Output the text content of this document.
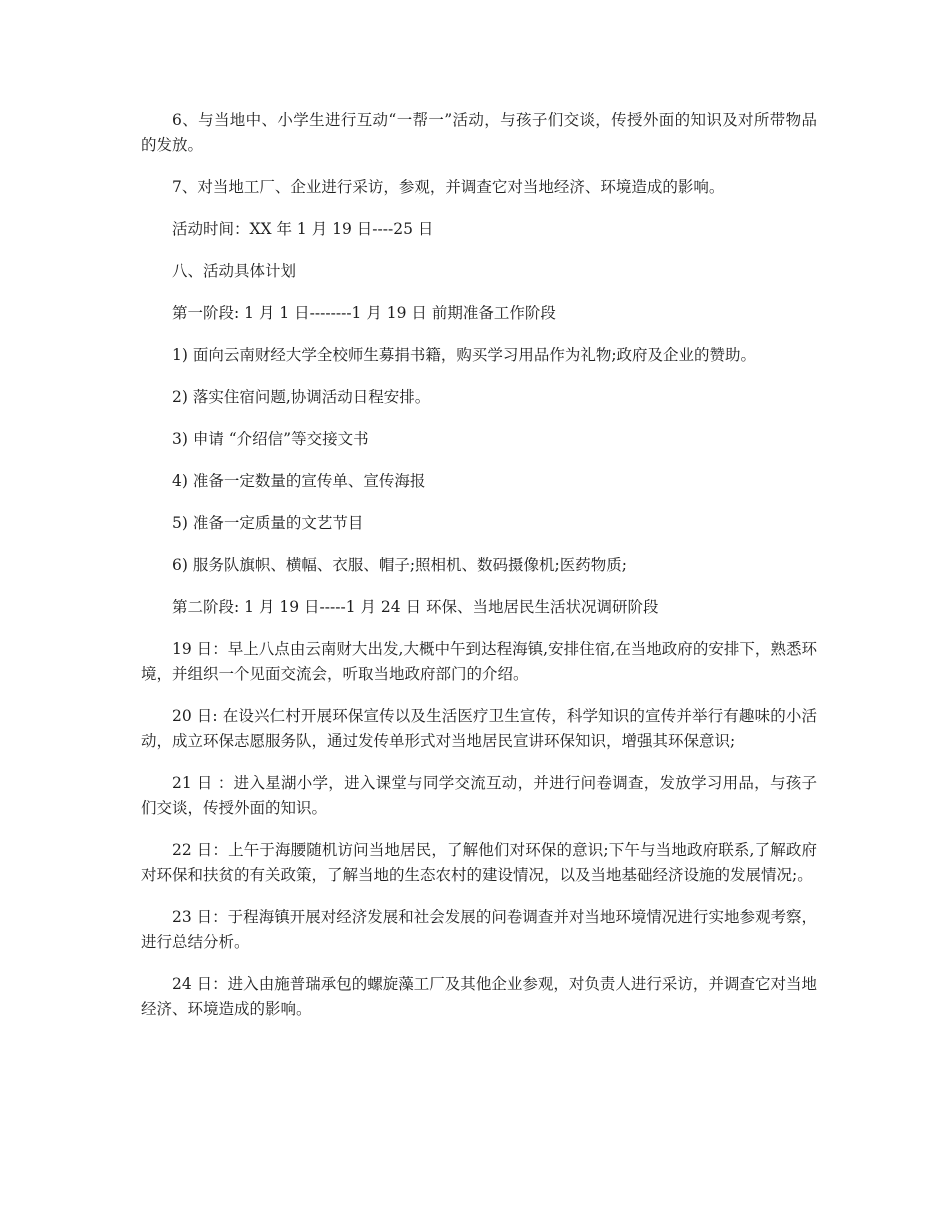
6、与当地中、小学生进行互动“一帮一”活动，与孩子们交谈，传授外面的知识及对所带物品的发放。

7、对当地工厂、企业进行采访，参观，并调查它对当地经济、环境造成的影响。

活动时间：XX 年 1 月 19 日----25 日

八、活动具体计划

第一阶段: 1 月 1 日--------1 月 19 日 前期准备工作阶段

1) 面向云南财经大学全校师生募捐书籍，购买学习用品作为礼物;政府及企业的赞助。

2) 落实住宿问题,协调活动日程安排。

3) 申请 “介绍信”等交接文书

4) 准备一定数量的宣传单、宣传海报

5) 准备一定质量的文艺节目

6) 服务队旗帜、横幅、衣服、帽子;照相机、数码摄像机;医药物质;

第二阶段: 1 月 19 日-----1 月 24 日 环保、当地居民生活状况调研阶段

19 日：早上八点由云南财大出发,大概中午到达程海镇,安排住宿,在当地政府的安排下，熟悉环境，并组织一个见面交流会，听取当地政府部门的介绍。

20 日: 在设兴仁村开展环保宣传以及生活医疗卫生宣传，科学知识的宣传并举行有趣味的小活动，成立环保志愿服务队，通过发传单形式对当地居民宣讲环保知识，增强其环保意识;

21 日 ：进入星湖小学，进入课堂与同学交流互动，并进行问卷调查，发放学习用品，与孩子们交谈，传授外面的知识。

22 日：上午于海腰随机访问当地居民，了解他们对环保的意识;下午与当地政府联系,了解政府对环保和扶贫的有关政策，了解当地的生态农村的建设情况，以及当地基础经济设施的发展情况;。

23 日：于程海镇开展对经济发展和社会发展的问卷调查并对当地环境情况进行实地参观考察，进行总结分析。

24 日：进入由施普瑞承包的螺旋藻工厂及其他企业参观，对负责人进行采访，并调查它对当地经济、环境造成的影响。
